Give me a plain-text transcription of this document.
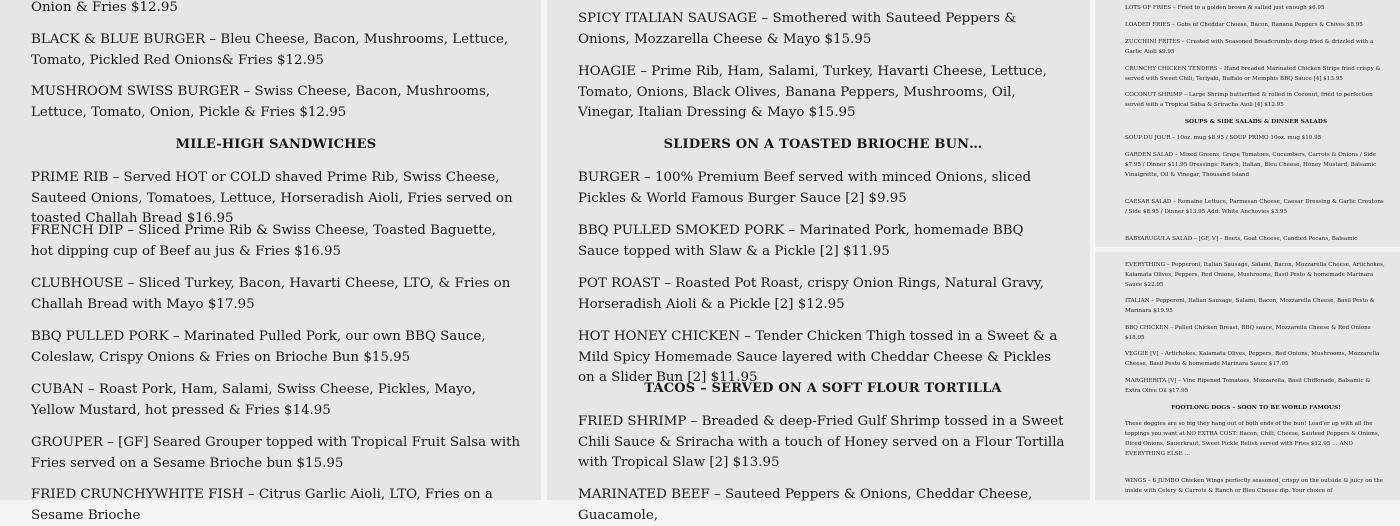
Onion & Fries $12.95

BLACK & BLUE BURGER – Bleu Cheese, Bacon, Mushrooms, Lettuce, Tomato, Pickled Red Onions& Fries $12.95

MUSHROOM SWISS BURGER – Swiss Cheese, Bacon, Mushrooms, Lettuce, Tomato, Onion, Pickle & Fries $12.95

MILE-HIGH SANDWICHES

PRIME RIB – Served HOT or COLD shaved Prime Rib, Swiss Cheese, Sauteed Onions, Tomatoes, Lettuce, Horseradish Aioli, Fries served on toasted Challah Bread $16.95

FRENCH DIP – Sliced Prime Rib & Swiss Cheese, Toasted Baguette, hot dipping cup of Beef au jus & Fries $16.95

CLUBHOUSE – Sliced Turkey, Bacon, Havarti Cheese, LTO, & Fries on Challah Bread with Mayo $17.95

BBQ PULLED PORK – Marinated Pulled Pork, our own BBQ Sauce, Coleslaw, Crispy Onions & Fries on Brioche Bun $15.95

CUBAN – Roast Pork, Ham, Salami, Swiss Cheese, Pickles, Mayo, Yellow Mustard, hot pressed & Fries $14.95

GROUPER – [GF] Seared Grouper topped with Tropical Fruit Salsa with Fries served on a Sesame Brioche bun $15.95

FRIED CRUNCHYWHITE FISH – Citrus Garlic Aioli, LTO, Fries on a Sesame Brioche

SPICY ITALIAN SAUSAGE – Smothered with Sauteed Peppers & Onions, Mozzarella Cheese & Mayo $15.95

HOAGIE – Prime Rib, Ham, Salami, Turkey, Havarti Cheese, Lettuce, Tomato, Onions, Black Olives, Banana Peppers, Mushrooms, Oil, Vinegar, Italian Dressing & Mayo $15.95

SLIDERS ON A TOASTED BRIOCHE BUN…

BURGER – 100% Premium Beef served with minced Onions, sliced Pickles & World Famous Burger Sauce [2] $9.95

BBQ PULLED SMOKED PORK – Marinated Pork, homemade BBQ Sauce topped with Slaw & a Pickle [2] $11.95

POT ROAST – Roasted Pot Roast, crispy Onion Rings, Natural Gravy, Horseradish Aioli & a Pickle [2] $12.95

HOT HONEY CHICKEN – Tender Chicken Thigh tossed in a Sweet & a Mild Spicy Homemade Sauce layered with Cheddar Cheese & Pickles on a Slider Bun [2] $11.95

TACOS – SERVED ON A SOFT FLOUR TORTILLA

FRIED SHRIMP – Breaded & deep-Fried Gulf Shrimp tossed in a Sweet Chili Sauce & Sriracha with a touch of Honey served on a Flour Tortilla with Tropical Slaw [2] $13.95

MARINATED BEEF – Sauteed Peppers & Onions, Cheddar Cheese, Guacamole,

LOTS OF FRIES – Fried to a golden brown & salted just enough $6.95

LOADED FRIES – Gobs of Cheddar Cheese, Bacon, Banana Peppers & Chives $8.95

ZUCCHINI FRITES – Crusted with Seasoned Breadcrumbs deep fried & drizzled with a Garlic Aioli $9.95

CRUNCHY CHICKEN TENDERS – Hand breaded Marinated Chicken Strips fried crispy & served with Sweet Chili, Teriyaki, Buffalo or Memphis BBQ Sauce [4] $13.95

COCONUT SHRIMP – Large Shrimp butterflied & rolled in Coconut, fried to perfection served with a Tropical Salsa & Sriracha Aioli [4] $12.95

SOUPS & SIDE SALADS & DINNER SALADS

SOUP DU JOUR – 10oz. mug $8.95 / SOUP PRIMO 10oz. mug $10.95

GARDEN SALAD – Mixed Greens, Grape Tomatoes, Cucumbers, Carrots & Onions / Side $7.95 / Dinner $11.95 Dressings: Ranch, Italian, Bleu Cheese, Honey Mustard, Balsamic Vinaigrette, Oil & Vinegar, Thousand Island

CAESAR SALAD – Romaine Lettuce, Parmesan Cheese, Caesar Dressing & Garlic Croutons / Side $8.95 / Dinner $13.95 Add: White Anchovies $3.95

BABYARUGULA SALAD – [GF, V] – Beets, Goat Cheese, Candied Pecans, Balsamic

EVERYTHING – Pepperoni, Italian Sausage, Salami, Bacon, Mozzarella Cheese, Artichokes, Kalamata Olives, Peppers, Red Onions, Mushrooms, Basil Pesto & homemade Marinara Sauce $22.95

ITALIAN – Pepperoni, Italian Sausage, Salami, Bacon, Mozzarella Cheese, Basil Pesto & Marinara $19.95

BBQ CHICKEN – Pulled Chicken Breast, BBQ sauce, Mozzarella Cheese & Red Onions $18.95

VEGGIE [V] – Artichokes, Kalamata Olives, Peppers, Red Onions, Mushrooms, Mozzarella Cheese, Basil Pesto & homemade Marinara Sauce $17.95

MARGHERITA [V] – Vine Ripened Tomatoes, Mozzarella, Basil Chiffonade, Balsamic & Extra Olive Oil $17.95

FOOTLONG DOGS – SOON TO BE WORLD FAMOUS!

These doggies are so big they hang out of both ends of the bun! Load'er up with all the toppings you want at NO EXTRA COST: Bacon, Chili, Cheese, Sauteed Peppers & Onions, Diced Onions, Sauerkraut, Sweet Pickle Relish served with Fries $12.95 … AND EVERYTHING ELSE …

WINGS – 6 JUMBO Chicken Wings perfectly seasoned, crispy on the outside & juicy on the inside with Celery & Carrots & Ranch or Bleu Cheese dip. Your choice of
